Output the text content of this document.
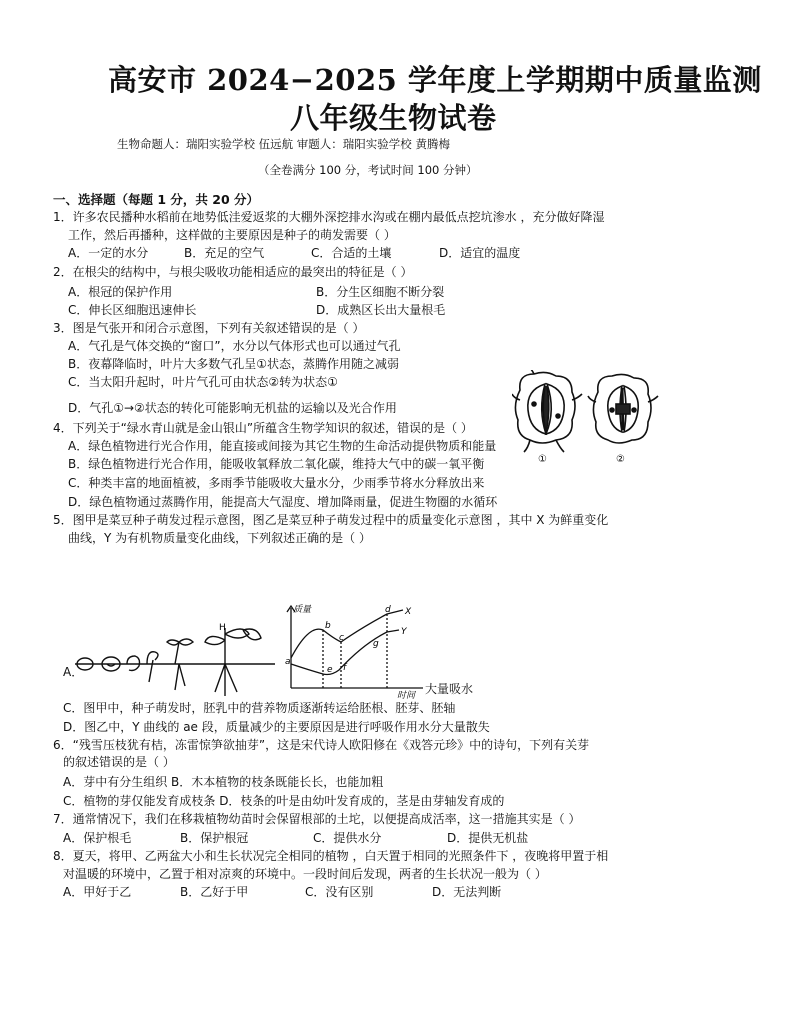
高安市 2024−2025 学年度上学期期中质量监测
八年级生物试卷
生物命题人：瑞阳实验学校 伍远航 审题人：瑞阳实验学校 黄腾梅
（全卷满分 100 分，考试时间 100 分钟）
一、选择题（每题 1 分，共 20 分）
1．许多农民播种水稻前在地势低洼爱返浆的大棚外深挖排水沟或在棚内最低点挖坑渗水 ，充分做好降湿
工作，然后再播种，这样做的主要原因是种子的萌发需要（ ）
A．一定的水分	B．充足的空气	C．合适的土壤	D．适宜的温度
2．在根尖的结构中，与根尖吸收功能相适应的最突出的特征是（ ）
A．根冠的保护作用	B．分生区细胞不断分裂
C．伸长区细胞迅速伸长	D．成熟区长出大量根毛
3．图是气张开和闭合示意图，下列有关叙述错误的是（ ）
A．气孔是气体交换的“窗口”，水分以气体形式也可以通过气孔
B．夜幕降临时，叶片大多数气孔呈①状态，蒸腾作用随之减弱
C．当太阳升起时，叶片气孔可由状态②转为状态①
D．气孔①→②状态的转化可能影响无机盐的运输以及光合作用
①	②
4．下列关于“绿水青山就是金山银山”所蕴含生物学知识的叙述，错误的是（ ）
A．绿色植物进行光合作用，能直接或间接为其它生物的生命活动提供物质和能量
B．绿色植物进行光合作用，能吸收氧释放二氧化碳，维持大气中的碳一氧平衡
C．种类丰富的地面植被，多雨季节能吸收大量水分，少雨季节将水分释放出来
D．绿色植物通过蒸腾作用，能提高大气湿度、增加降雨量，促进生物圈的水循环
5．图甲是菜豆种子萌发过程示意图，图乙是菜豆种子萌发过程中的质量变化示意图 ，其中 X 为鲜重变化
曲线，Y 为有机物质量变化曲线，下列叙述正确的是（ ）
A．
大量吸水
H
质量
时间
a
b
c
d
e f
g
X
Y
C．图甲中，种子萌发时，胚乳中的营养物质逐渐转运给胚根、胚芽、胚轴
D．图乙中，Y 曲线的 ae 段，质量减少的主要原因是进行呼吸作用水分大量散失
6．“残雪压枝犹有桔，冻雷惊笋欲抽芽”，这是宋代诗人欧阳修在《戏答元珍》中的诗句，下列有关芽
的叙述错误的是（ ）
A．芽中有分生组织 B．木本植物的枝条既能长长，也能加粗
C．植物的芽仅能发育成枝条 D．枝条的叶是由幼叶发育成的，茎是由芽轴发育成的
7．通常情况下，我们在移栽植物幼苗时会保留根部的土坨，以便提高成活率，这一措施其实是（ ）
A．保护根毛	B．保护根冠	C．提供水分	D．提供无机盐
8．夏天，将甲、乙两盆大小和生长状况完全相同的植物 ，白天置于相同的光照条件下 ，夜晚将甲置于相
对温暖的环境中，乙置于相对凉爽的环境中。一段时间后发现，两者的生长状况一般为（ ）
A．甲好于乙	B．乙好于甲	C．没有区别	D．无法判断
